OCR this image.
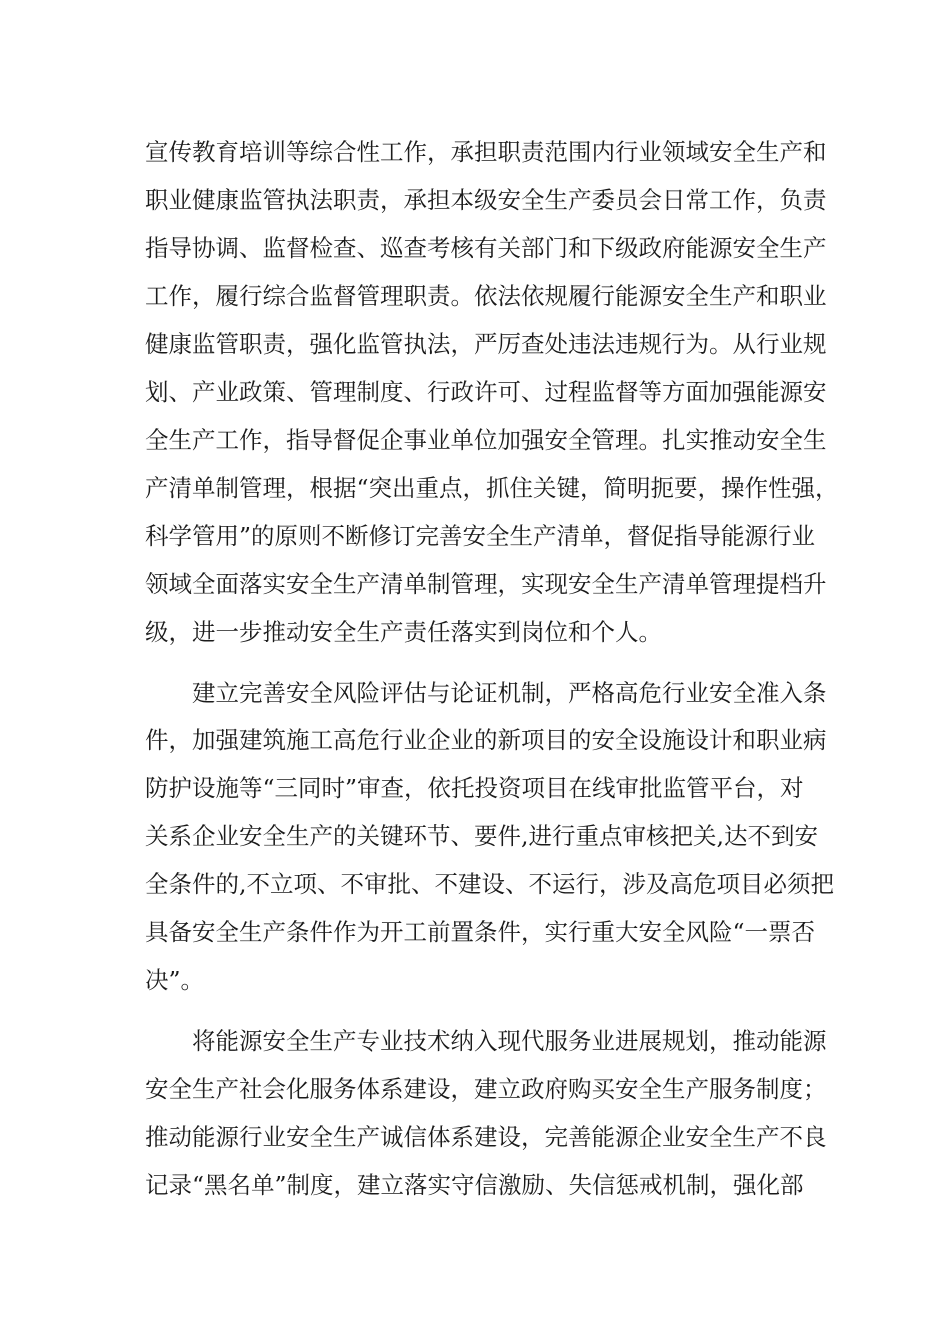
宣传教育培训等综合性工作，承担职责范围内行业领域安全生产和
职业健康监管执法职责，承担本级安全生产委员会日常工作，负责
指导协调、监督检查、巡查考核有关部门和下级政府能源安全生产
工作，履行综合监督管理职责。依法依规履行能源安全生产和职业
健康监管职责，强化监管执法，严厉查处违法违规行为。从行业规
划、产业政策、管理制度、行政许可、过程监督等方面加强能源安
全生产工作，指导督促企事业单位加强安全管理。扎实推动安全生
产清单制管理，根据“突出重点，抓住关键，简明扼要，操作性强，
科学管用”的原则不断修订完善安全生产清单，督促指导能源行业
领域全面落实安全生产清单制管理，实现安全生产清单管理提档升
级，进一步推动安全生产责任落实到岗位和个人。
建立完善安全风险评估与论证机制，严格高危行业安全准入条
件，加强建筑施工高危行业企业的新项目的安全设施设计和职业病
防护设施等“三同时”审查，依托投资项目在线审批监管平台，对
关系企业安全生产的关键环节、要件,进行重点审核把关,达不到安
全条件的,不立项、不审批、不建设、不运行，涉及高危项目必须把
具备安全生产条件作为开工前置条件，实行重大安全风险“一票否
决”。
将能源安全生产专业技术纳入现代服务业进展规划，推动能源
安全生产社会化服务体系建设，建立政府购买安全生产服务制度；
推动能源行业安全生产诚信体系建设，完善能源企业安全生产不良
记录“黑名单”制度，建立落实守信激励、失信惩戒机制，强化部
